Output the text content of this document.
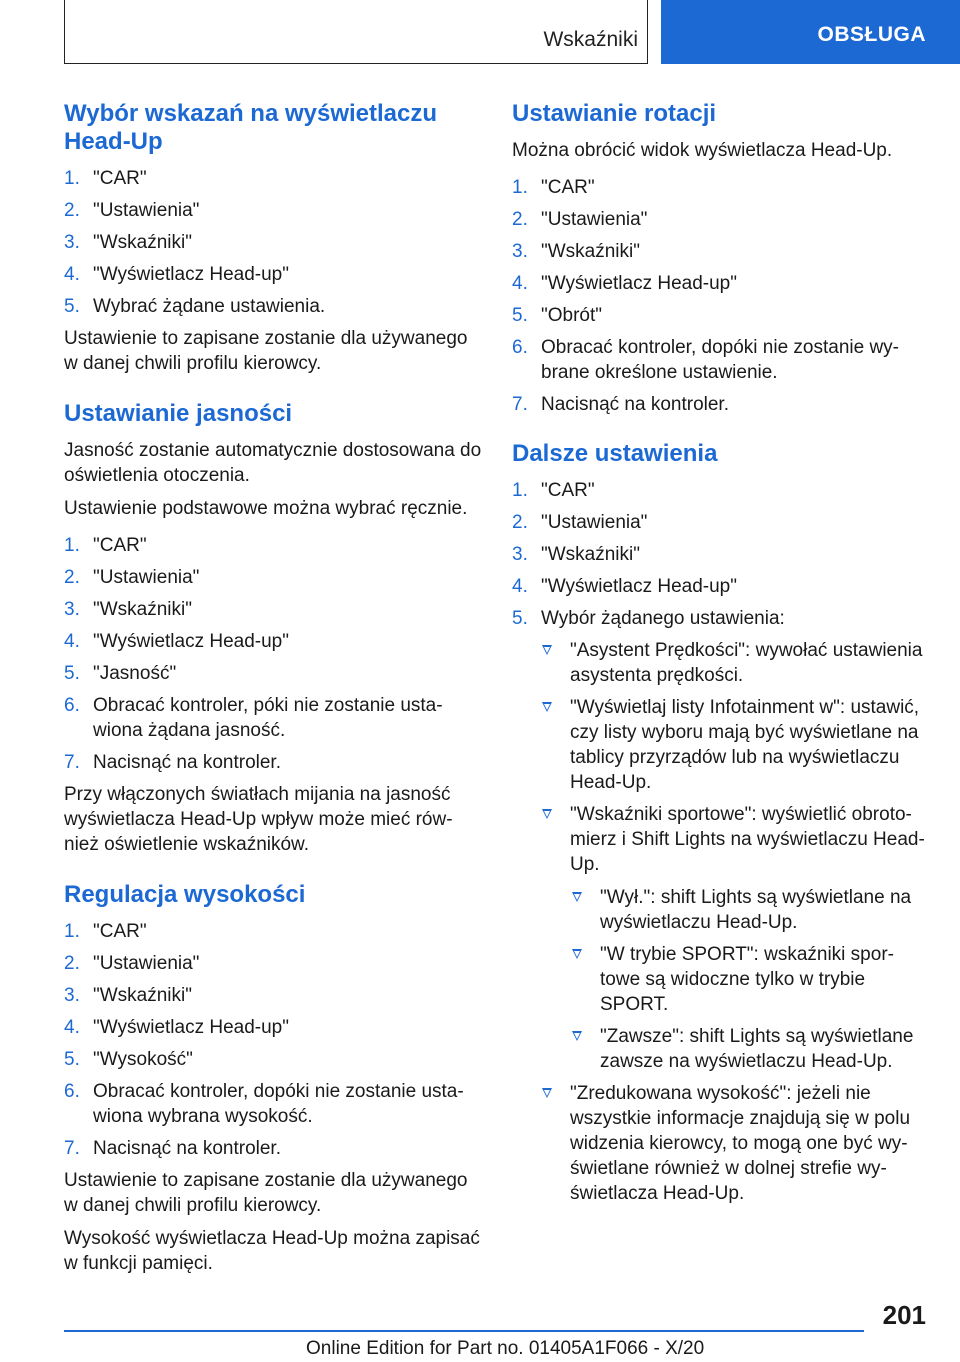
Wskaźniki	OBSŁUGA
Wybór wskazań na wyświetlaczu Head-Up
1. "CAR"
2. "Ustawienia"
3. "Wskaźniki"
4. "Wyświetlacz Head-up"
5. Wybrać żądane ustawienia.

Ustawienie to zapisane zostanie dla używanego w danej chwili profilu kierowcy.

Ustawianie jasności

Jasność zostanie automatycznie dostosowana do oświetlenia otoczenia.

Ustawienie podstawowe można wybrać ręcznie.

1. "CAR"
2. "Ustawienia"
3. "Wskaźniki"
4. "Wyświetlacz Head-up"
5. "Jasność"
6. Obracać kontroler, póki nie zostanie usta-wiona żądana jasność.
7. Nacisnąć na kontroler.

Przy włączonych światłach mijania na jasność wyświetlacza Head-Up wpływ może mieć rów-nież oświetlenie wskaźników.

Regulacja wysokości
1. "CAR"
2. "Ustawienia"
3. "Wskaźniki"
4. "Wyświetlacz Head-up"
5. "Wysokość"
6. Obracać kontroler, dopóki nie zostanie usta-wiona wybrana wysokość.
7. Nacisnąć na kontroler.

Ustawienie to zapisane zostanie dla używanego w danej chwili profilu kierowcy.

Wysokość wyświetlacza Head-Up można zapisać w funkcji pamięci.

Ustawianie rotacji

Można obrócić widok wyświetlacza Head-Up.

1. "CAR"
2. "Ustawienia"
3. "Wskaźniki"
4. "Wyświetlacz Head-up"
5. "Obrót"
6. Obracać kontroler, dopóki nie zostanie wy-brane określone ustawienie.
7. Nacisnąć na kontroler.
Dalsze ustawienia
1. "CAR"
2. "Ustawienia"
3. "Wskaźniki"
4. "Wyświetlacz Head-up"
5. Wybór żądanego ustawienia:
"Asystent Prędkości": wywołać ustawienia asystenta prędkości.
"Wyświetlaj listy Infotainment w": ustawić, czy listy wyboru mają być wyświetlane na tablicy przyrządów lub na wyświetlaczu Head-Up.
"Wskaźniki sportowe": wyświetlić obroto-mierz i Shift Lights na wyświetlaczu Head-Up.
"Wył.": shift Lights są wyświetlane na wyświetlaczu Head-Up.
"W trybie SPORT": wskaźniki spor-towe są widoczne tylko w trybie SPORT.
"Zawsze": shift Lights są wyświetlane zawsze na wyświetlaczu Head-Up.
"Zredukowana wysokość": jeżeli nie wszystkie informacje znajdują się w polu widzenia kierowcy, to mogą one być wy-świetlane również w dolnej strefie wy-świetlacza Head-Up.
201
Online Edition for Part no. 01405A1F066 - X/20
